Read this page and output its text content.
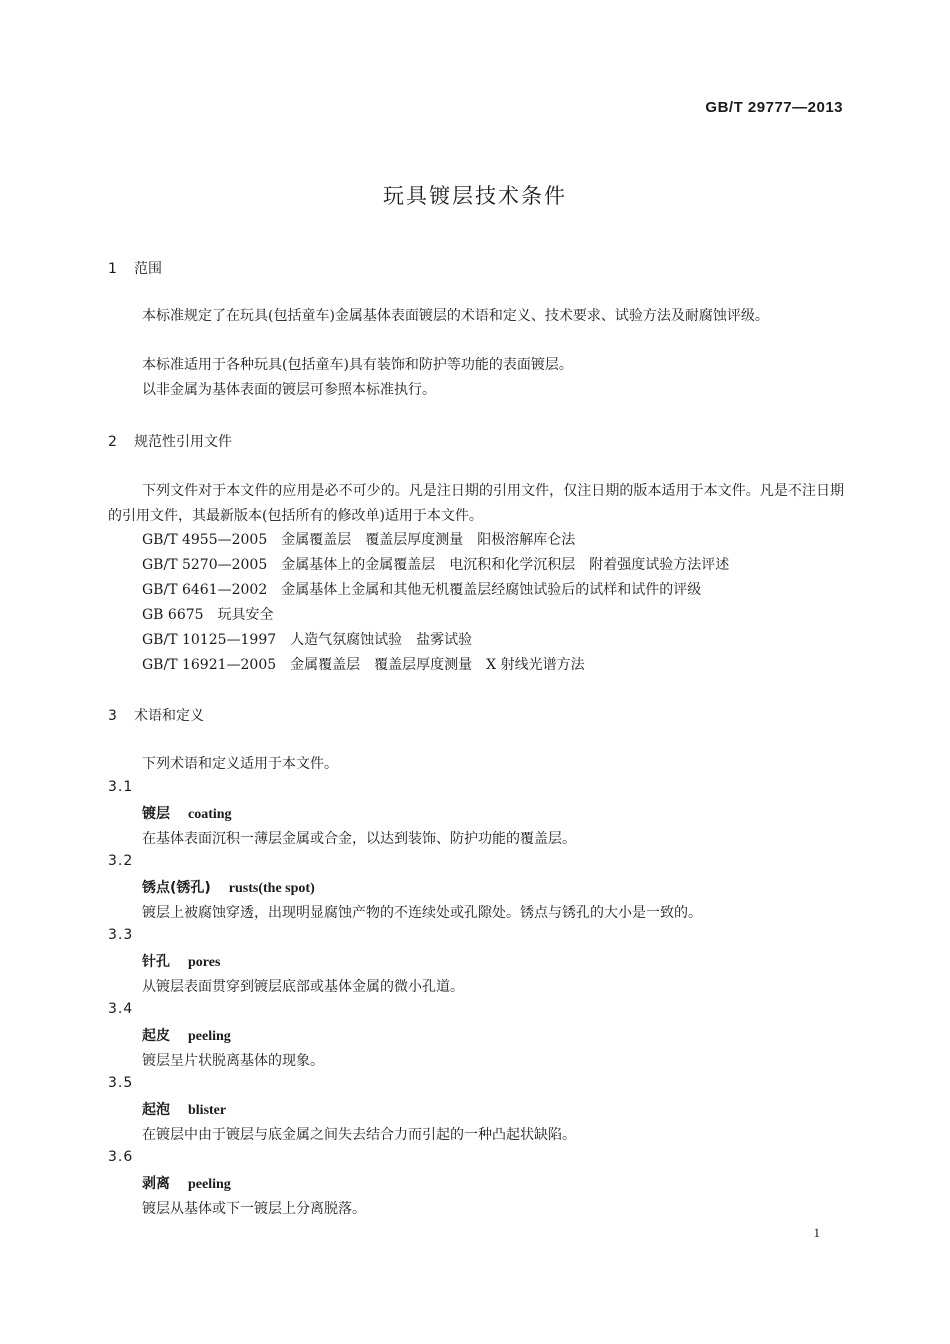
GB/T 29777—2013
玩具镀层技术条件
1 范围
本标准规定了在玩具(包括童车)金属基体表面镀层的术语和定义、技术要求、试验方法及耐腐蚀评级。
本标准适用于各种玩具(包括童车)具有装饰和防护等功能的表面镀层。
以非金属为基体表面的镀层可参照本标准执行。
2 规范性引用文件
下列文件对于本文件的应用是必不可少的。凡是注日期的引用文件，仅注日期的版本适用于本文件。凡是不注日期的引用文件，其最新版本(包括所有的修改单)适用于本文件。
GB/T 4955—2005　 金属覆盖层　覆盖层厚度测量　阳极溶解库仑法
GB/T 5270—2005　 金属基体上的金属覆盖层　电沉积和化学沉积层　附着强度试验方法评述
GB/T 6461—2002　 金属基体上金属和其他无机覆盖层经腐蚀试验后的试样和试件的评级
GB 6675　 玩具安全
GB/T 10125—1997　 人造气氛腐蚀试验　盐雾试验
GB/T 16921—2005　 金属覆盖层　覆盖层厚度测量　X 射线光谱方法
3 术语和定义
下列术语和定义适用于本文件。
3.1
镀层 coating
在基体表面沉积一薄层金属或合金，以达到装饰、防护功能的覆盖层。
3.2
锈点(锈孔) rusts(the spot)
镀层上被腐蚀穿透，出现明显腐蚀产物的不连续处或孔隙处。锈点与锈孔的大小是一致的。
3.3
针孔 pores
从镀层表面贯穿到镀层底部或基体金属的微小孔道。
3.4
起皮 peeling
镀层呈片状脱离基体的现象。
3.5
起泡 blister
在镀层中由于镀层与底金属之间失去结合力而引起的一种凸起状缺陷。
3.6
剥离 peeling
镀层从基体或下一镀层上分离脱落。
1
